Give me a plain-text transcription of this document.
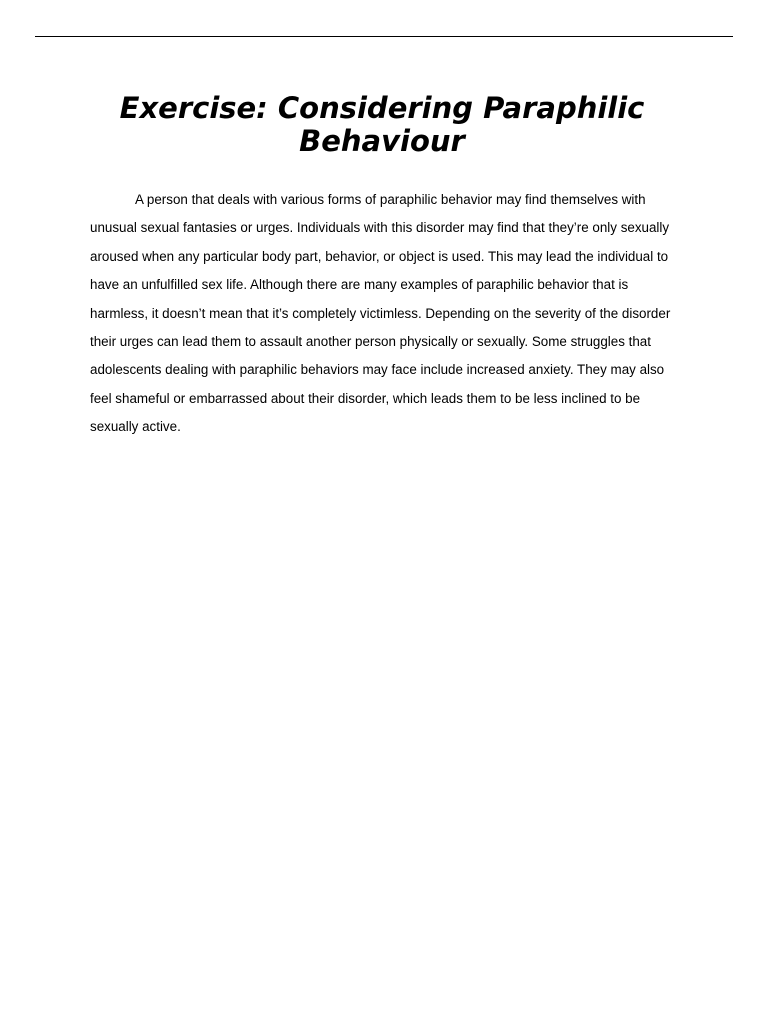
Exercise: Considering Paraphilic Behaviour

A person that deals with various forms of paraphilic behavior may find themselves with unusual sexual fantasies or urges. Individuals with this disorder may find that they’re only sexually aroused when any particular body part, behavior, or object is used. This may lead the individual to have an unfulfilled sex life. Although there are many examples of paraphilic behavior that is harmless, it doesn’t mean that it’s completely victimless. Depending on the severity of the disorder their urges can lead them to assault another person physically or sexually. Some struggles that adolescents dealing with paraphilic behaviors may face include increased anxiety. They may also feel shameful or embarrassed about their disorder, which leads them to be less inclined to be sexually active.
